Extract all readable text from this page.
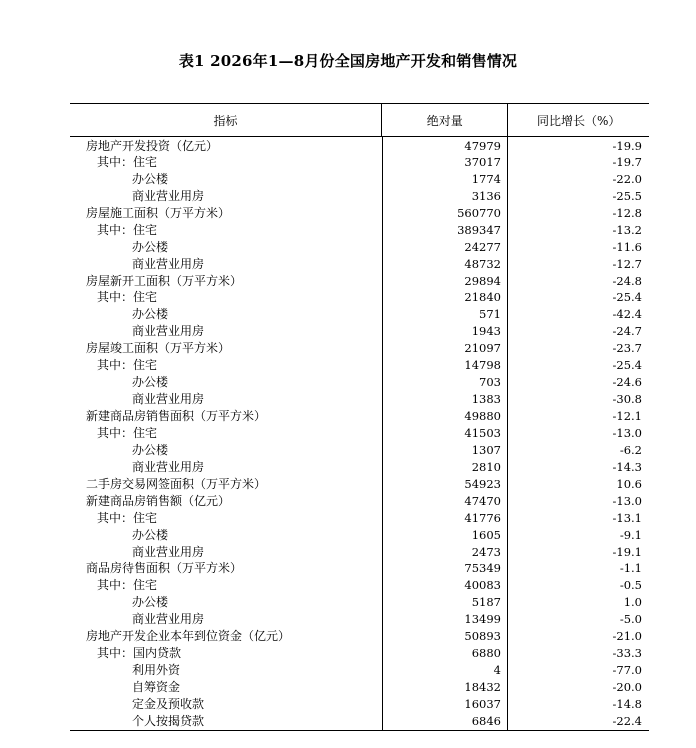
表1 2026年1—8月份全国房地产开发和销售情况
指标	绝对量	同比增长（%）
房地产开发投资（亿元）	47979	-19.9
其中：住宅	37017	-19.7
办公楼	1774	-22.0
商业营业用房	3136	-25.5
房屋施工面积（万平方米）	560770	-12.8
其中：住宅	389347	-13.2
办公楼	24277	-11.6
商业营业用房	48732	-12.7
房屋新开工面积（万平方米）	29894	-24.8
其中：住宅	21840	-25.4
办公楼	571	-42.4
商业营业用房	1943	-24.7
房屋竣工面积（万平方米）	21097	-23.7
其中：住宅	14798	-25.4
办公楼	703	-24.6
商业营业用房	1383	-30.8
新建商品房销售面积（万平方米）	49880	-12.1
其中：住宅	41503	-13.0
办公楼	1307	-6.2
商业营业用房	2810	-14.3
二手房交易网签面积（万平方米）	54923	10.6
新建商品房销售额（亿元）	47470	-13.0
其中：住宅	41776	-13.1
办公楼	1605	-9.1
商业营业用房	2473	-19.1
商品房待售面积（万平方米）	75349	-1.1
其中：住宅	40083	-0.5
办公楼	5187	1.0
商业营业用房	13499	-5.0
房地产开发企业本年到位资金（亿元）	50893	-21.0
其中：国内贷款	6880	-33.3
利用外资	4	-77.0
自筹资金	18432	-20.0
定金及预收款	16037	-14.8
个人按揭贷款	6846	-22.4
